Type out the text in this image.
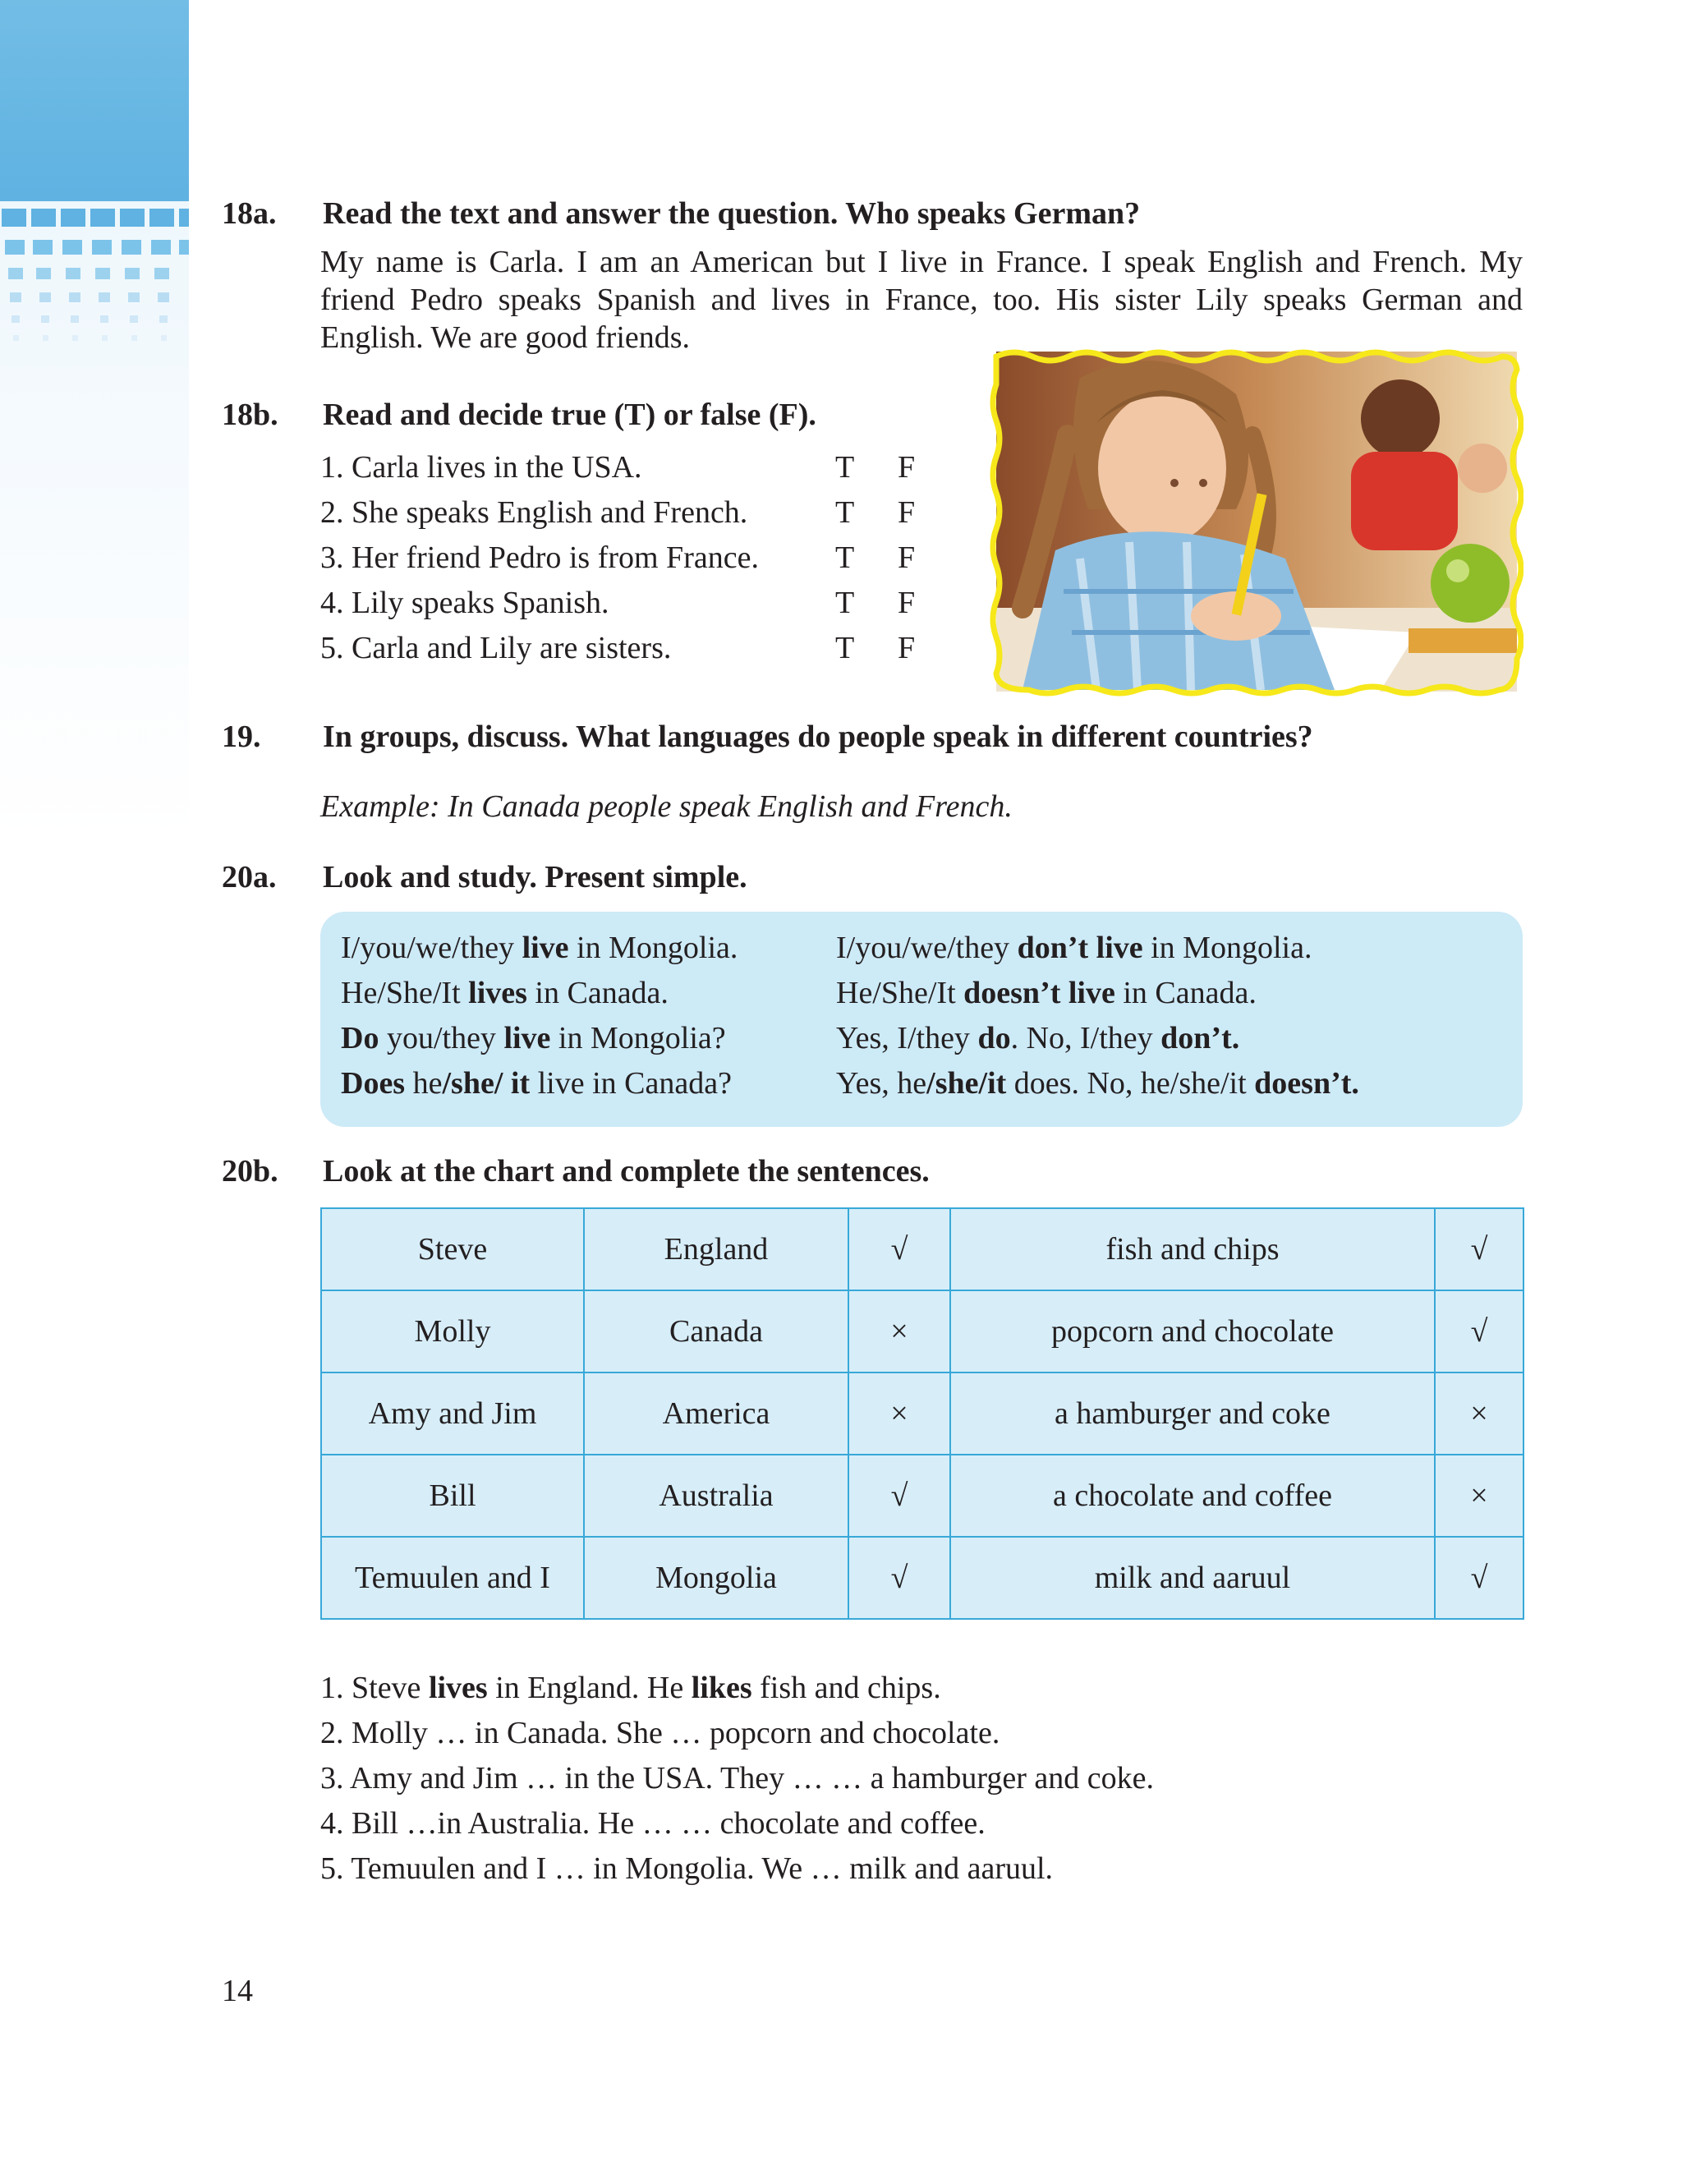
18a. Read the text and answer the question. Who speaks German?
My name is Carla. I am an American but I live in France. I speak English and French. My friend Pedro speaks Spanish and lives in France, too. His sister Lily speaks German and English. We are good friends.
18b. Read and decide true (T) or false (F).
1. Carla lives in the USA.	T F
2. She speaks English and French.	T F
3. Her friend Pedro is from France. T F
4. Lily speaks Spanish.	T F
5. Carla and Lily are sisters.	T F
19. In groups, discuss. What languages do people speak in different countries?
Example: In Canada people speak English and French.
20a. Look and study. Present simple.
I/you/we/they live in Mongolia.
He/She/It lives in Canada.
Do you/they live in Mongolia?
Does he/she/ it live in Canada?
I/you/we/they don’t live in Mongolia.
He/She/It doesn’t live in Canada.
Yes, I/they do. No, I/they don’t.
Yes, he/she/it does. No, he/she/it doesn’t.
20b. Look at the chart and complete the sentences.
Steve	England	√	fish and chips	√
Molly	Canada	×	popcorn and chocolate	√
Amy and Jim	America	×	a hamburger and coke	×
Bill	Australia	√	a chocolate and coffee	×
Temuulen and I	Mongolia	√	milk and aaruul	√
1. Steve lives in England. He likes fish and chips.
2. Molly … in Canada. She … popcorn and chocolate.
3. Amy and Jim … in the USA. They … … a hamburger and coke.
4. Bill …in Australia. He … … chocolate and coffee.
5. Temuulen and I … in Mongolia. We … milk and aaruul.
14
